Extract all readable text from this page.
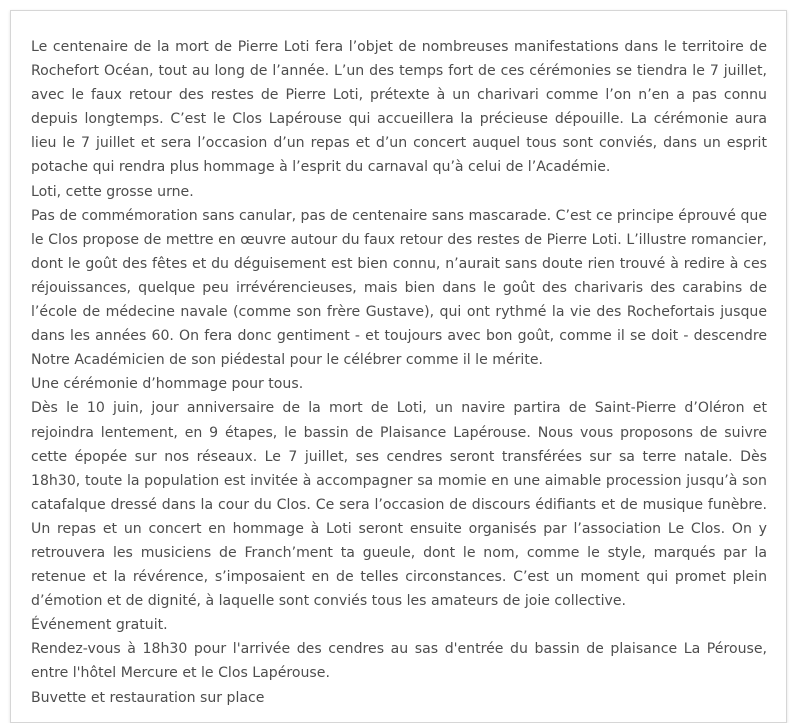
Le centenaire de la mort de Pierre Loti fera l’objet de nombreuses manifestations dans le territoire de Rochefort Océan, tout au long de l’année. L’un des temps fort de ces cérémonies se tiendra le 7 juillet, avec le faux retour des restes de Pierre Loti, prétexte à un charivari comme l’on n’en a pas connu depuis longtemps. C’est le Clos Lapérouse qui accueillera la précieuse dépouille. La cérémonie aura lieu le 7 juillet et sera l’occasion d’un repas et d’un concert auquel tous sont conviés, dans un esprit potache qui rendra plus hommage à l’esprit du carnaval qu’à celui de l’Académie.

Loti, cette grosse urne.

Pas de commémoration sans canular, pas de centenaire sans mascarade. C’est ce principe éprouvé que le Clos propose de mettre en œuvre autour du faux retour des restes de Pierre Loti. L’illustre romancier, dont le goût des fêtes et du déguisement est bien connu, n’aurait sans doute rien trouvé à redire à ces réjouissances, quelque peu irrévérencieuses, mais bien dans le goût des charivaris des carabins de l’école de médecine navale (comme son frère Gustave), qui ont rythmé la vie des Rochefortais jusque dans les années 60. On fera donc gentiment - et toujours avec bon goût, comme il se doit - descendre Notre Académicien de son piédestal pour le célébrer comme il le mérite.

Une cérémonie d’hommage pour tous.

Dès le 10 juin, jour anniversaire de la mort de Loti, un navire partira de Saint-Pierre d’Oléron et rejoindra lentement, en 9 étapes, le bassin de Plaisance Lapérouse. Nous vous proposons de suivre cette épopée sur nos réseaux. Le 7 juillet, ses cendres seront transférées sur sa terre natale. Dès 18h30, toute la population est invitée à accompagner sa momie en une aimable procession jusqu’à son catafalque dressé dans la cour du Clos. Ce sera l’occasion de discours édifiants et de musique funèbre. Un repas et un concert en hommage à Loti seront ensuite organisés par l’association Le Clos. On y retrouvera les musiciens de Franch’ment ta gueule, dont le nom, comme le style, marqués par la retenue et la révérence, s’imposaient en de telles circonstances. C’est un moment qui promet plein d’émotion et de dignité, à laquelle sont conviés tous les amateurs de joie collective.

Événement gratuit.

Rendez-vous à 18h30 pour l'arrivée des cendres au sas d'entrée du bassin de plaisance La Pérouse, entre l'hôtel Mercure et le Clos Lapérouse.

Buvette et restauration sur place
